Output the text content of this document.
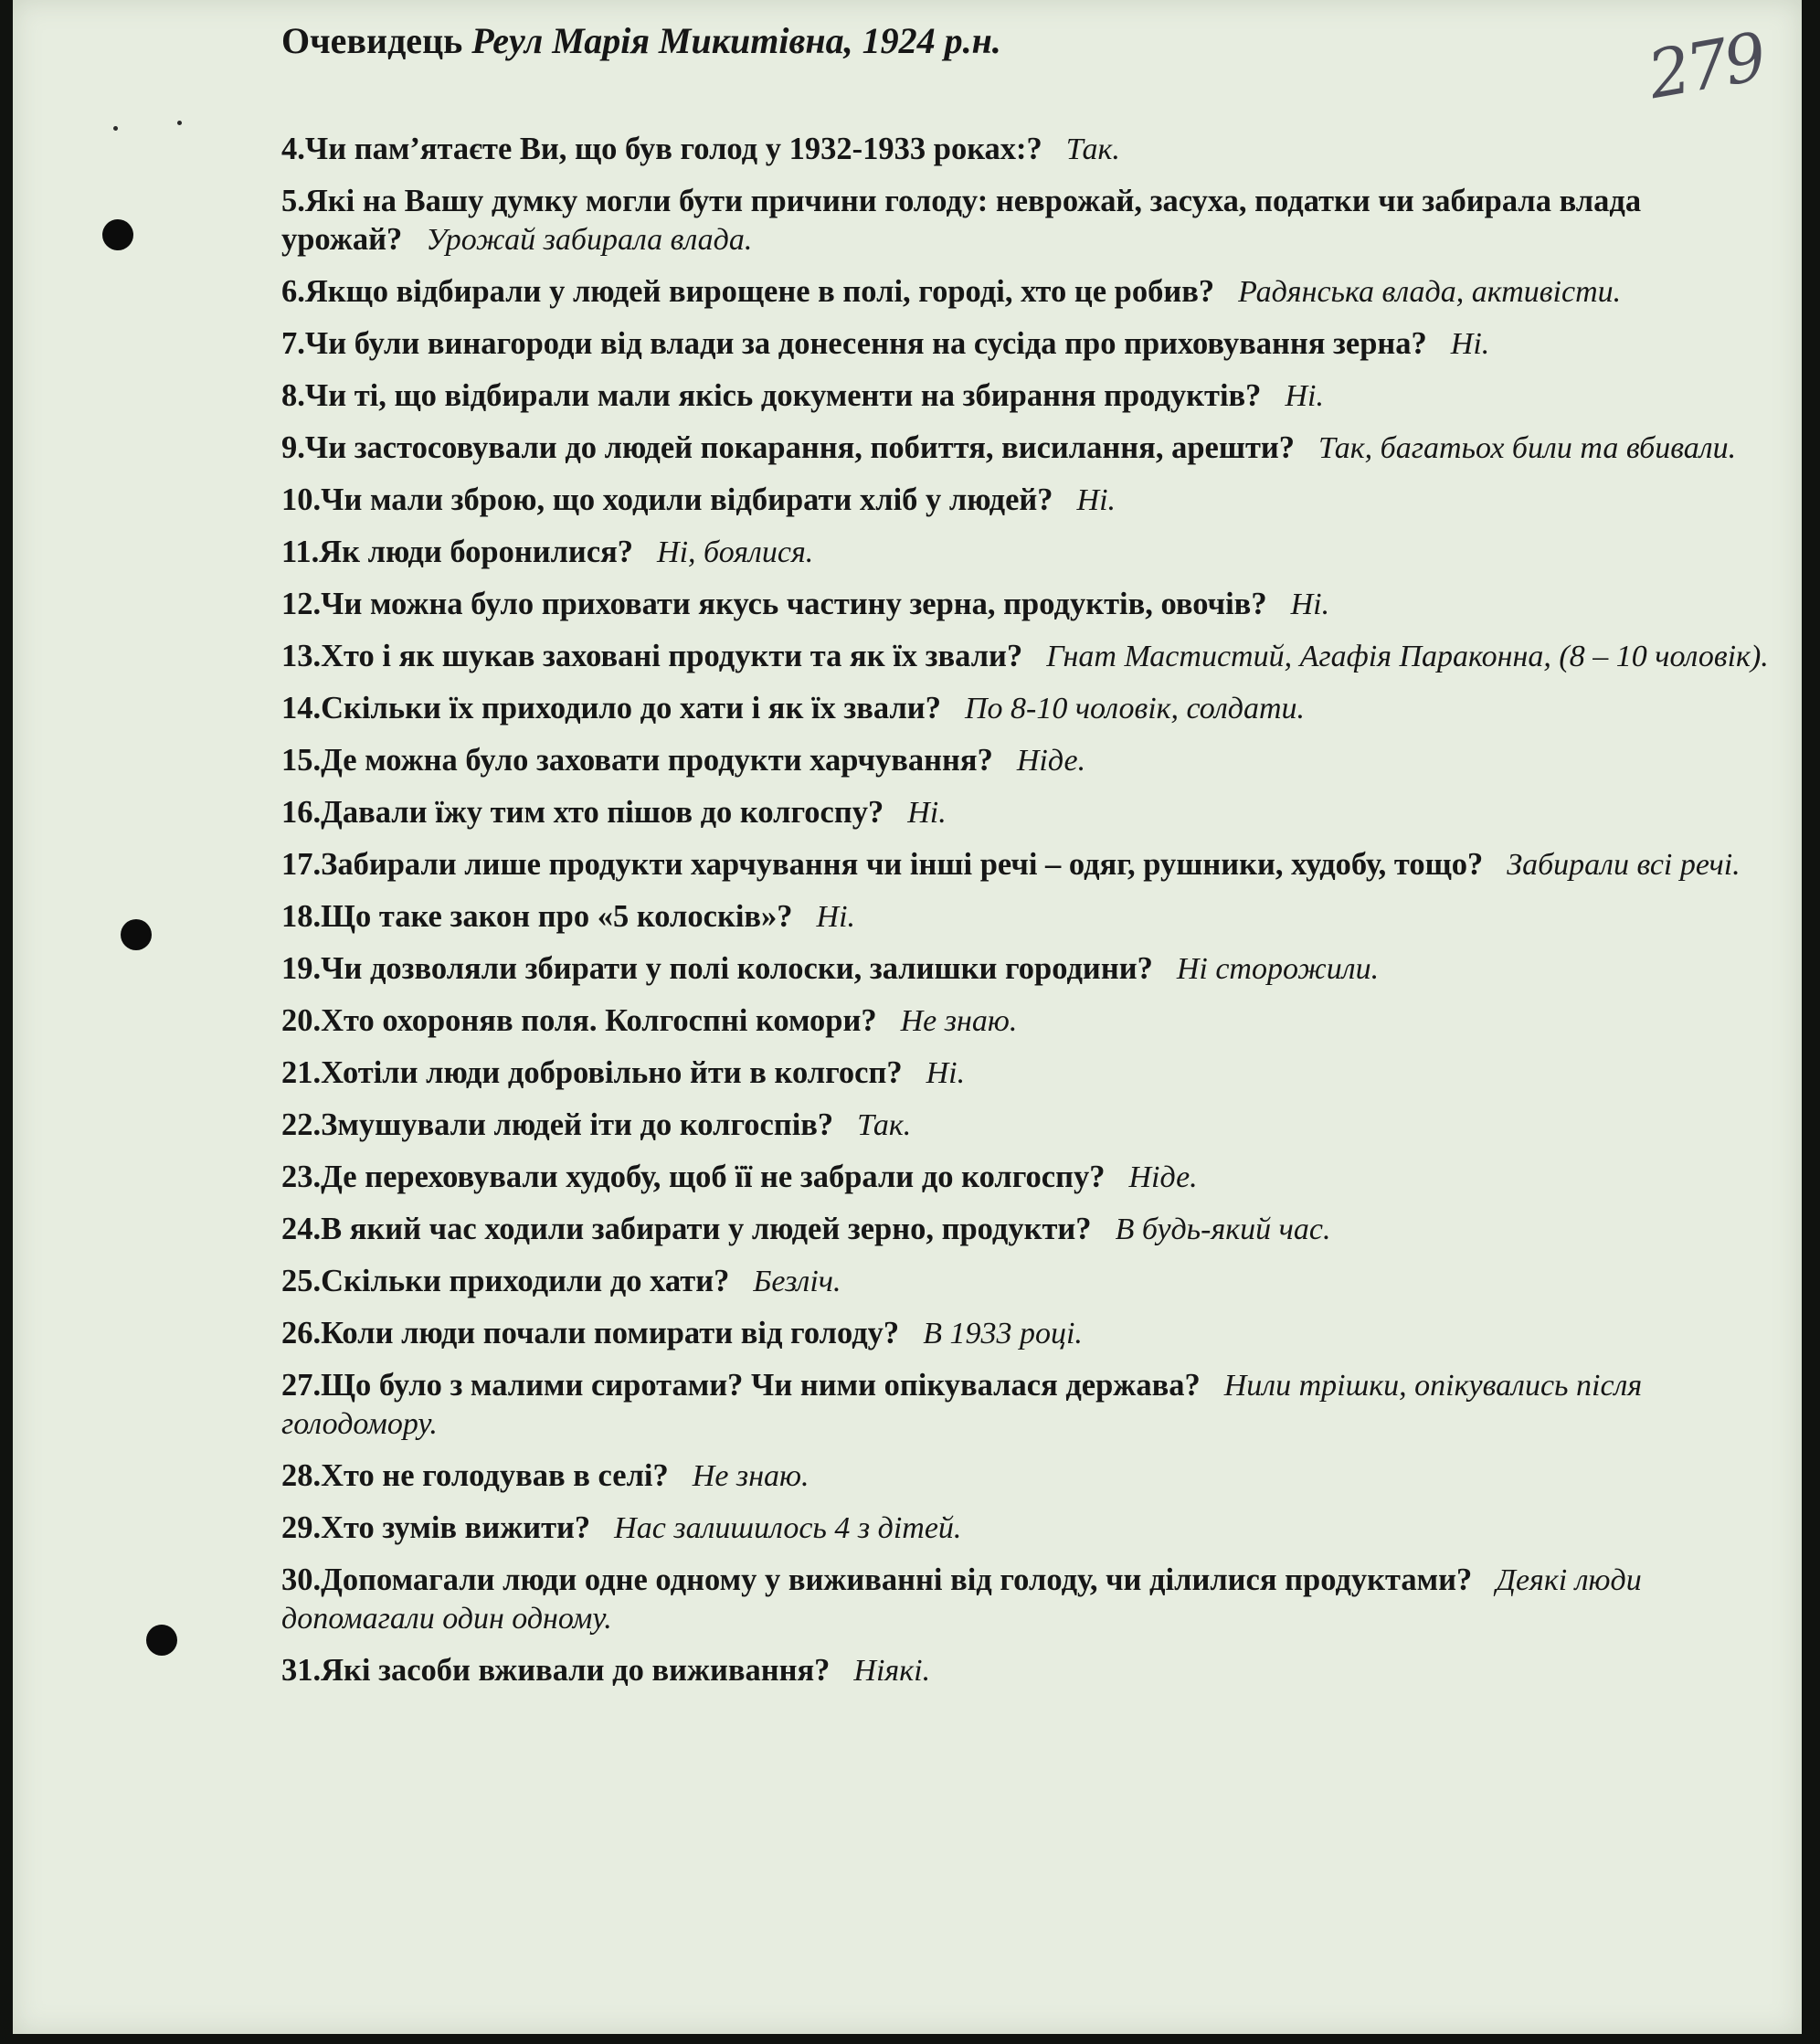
279
Очевидець Реул Марія Микитівна, 1924 р.н.
4.Чи пам’ятаєте Ви, що був голод у 1932-1933 роках:? Так.
5.Які на Вашу думку могли бути причини голоду: неврожай, засуха, податки чи забирала влада урожай? Урожай забирала влада.
6.Якщо відбирали у людей вирощене в полі, городі, хто це робив? Радянська влада, активісти.
7.Чи були винагороди від влади за донесення на сусіда про приховування зерна? Ні.
8.Чи ті, що відбирали мали якісь документи на збирання продуктів? Ні.
9.Чи застосовували до людей покарання, побиття, висилання, арешти? Так, багатьох били та вбивали.
10.Чи мали зброю, що ходили відбирати хліб у людей? Ні.
11.Як люди боронилися? Ні, боялися.
12.Чи можна було приховати якусь частину зерна, продуктів, овочів? Ні.
13.Хто і як шукав заховані продукти та як їх звали? Гнат Мастистий, Агафія Параконна, (8 – 10 чоловік).
14.Скільки їх приходило до хати і як їх звали? По 8-10 чоловік, солдати.
15.Де можна було заховати продукти харчування? Ніде.
16.Давали їжу тим хто пішов до колгоспу? Ні.
17.Забирали лише продукти харчування чи інші речі – одяг, рушники, худобу, тощо? Забирали всі речі.
18.Що таке закон про «5 колосків»? Ні.
19.Чи дозволяли збирати у полі колоски, залишки городини? Ні сторожили.
20.Хто охороняв поля. Колгоспні комори? Не знаю.
21.Хотіли люди добровільно йти в колгосп? Ні.
22.Змушували людей іти до колгоспів? Так.
23.Де переховували худобу, щоб її не забрали до колгоспу? Ніде.
24.В який час ходили забирати у людей зерно, продукти? В будь-який час.
25.Скільки приходили до хати? Безліч.
26.Коли люди почали помирати від голоду? В 1933 році.
27.Що було з малими сиротами? Чи ними опікувалася держава? Нили трішки, опікувались після голодомору.
28.Хто не голодував в селі? Не знаю.
29.Хто зумів вижити? Нас залишилось 4 з дітей.
30.Допомагали люди одне одному у виживанні від голоду, чи ділилися продуктами? Деякі люди допомагали один одному.
31.Які засоби вживали до виживання? Ніякі.
